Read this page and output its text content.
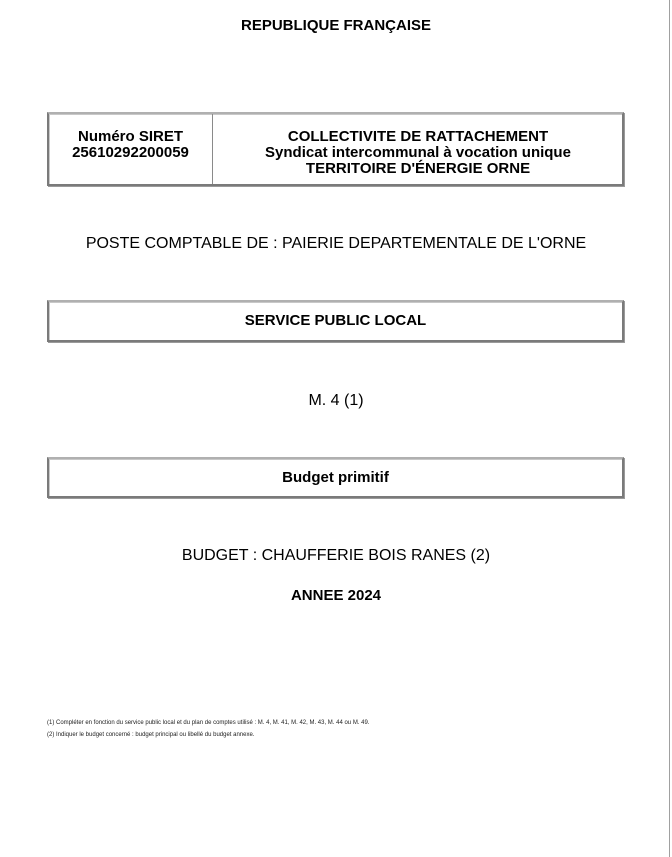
REPUBLIQUE FRANÇAISE
Numéro SIRET
25610292200059
COLLECTIVITE DE RATTACHEMENT
Syndicat intercommunal à vocation unique
TERRITOIRE D'ÉNERGIE ORNE
POSTE COMPTABLE DE : PAIERIE DEPARTEMENTALE DE L'ORNE
SERVICE PUBLIC LOCAL
M. 4 (1)
Budget primitif
BUDGET : CHAUFFERIE BOIS RANES (2)
ANNEE 2024
(1) Compléter en fonction du service public local et du plan de comptes utilisé : M. 4, M. 41, M. 42, M. 43, M. 44 ou M. 49.
(2) Indiquer le budget concerné : budget principal ou libellé du budget annexe.
